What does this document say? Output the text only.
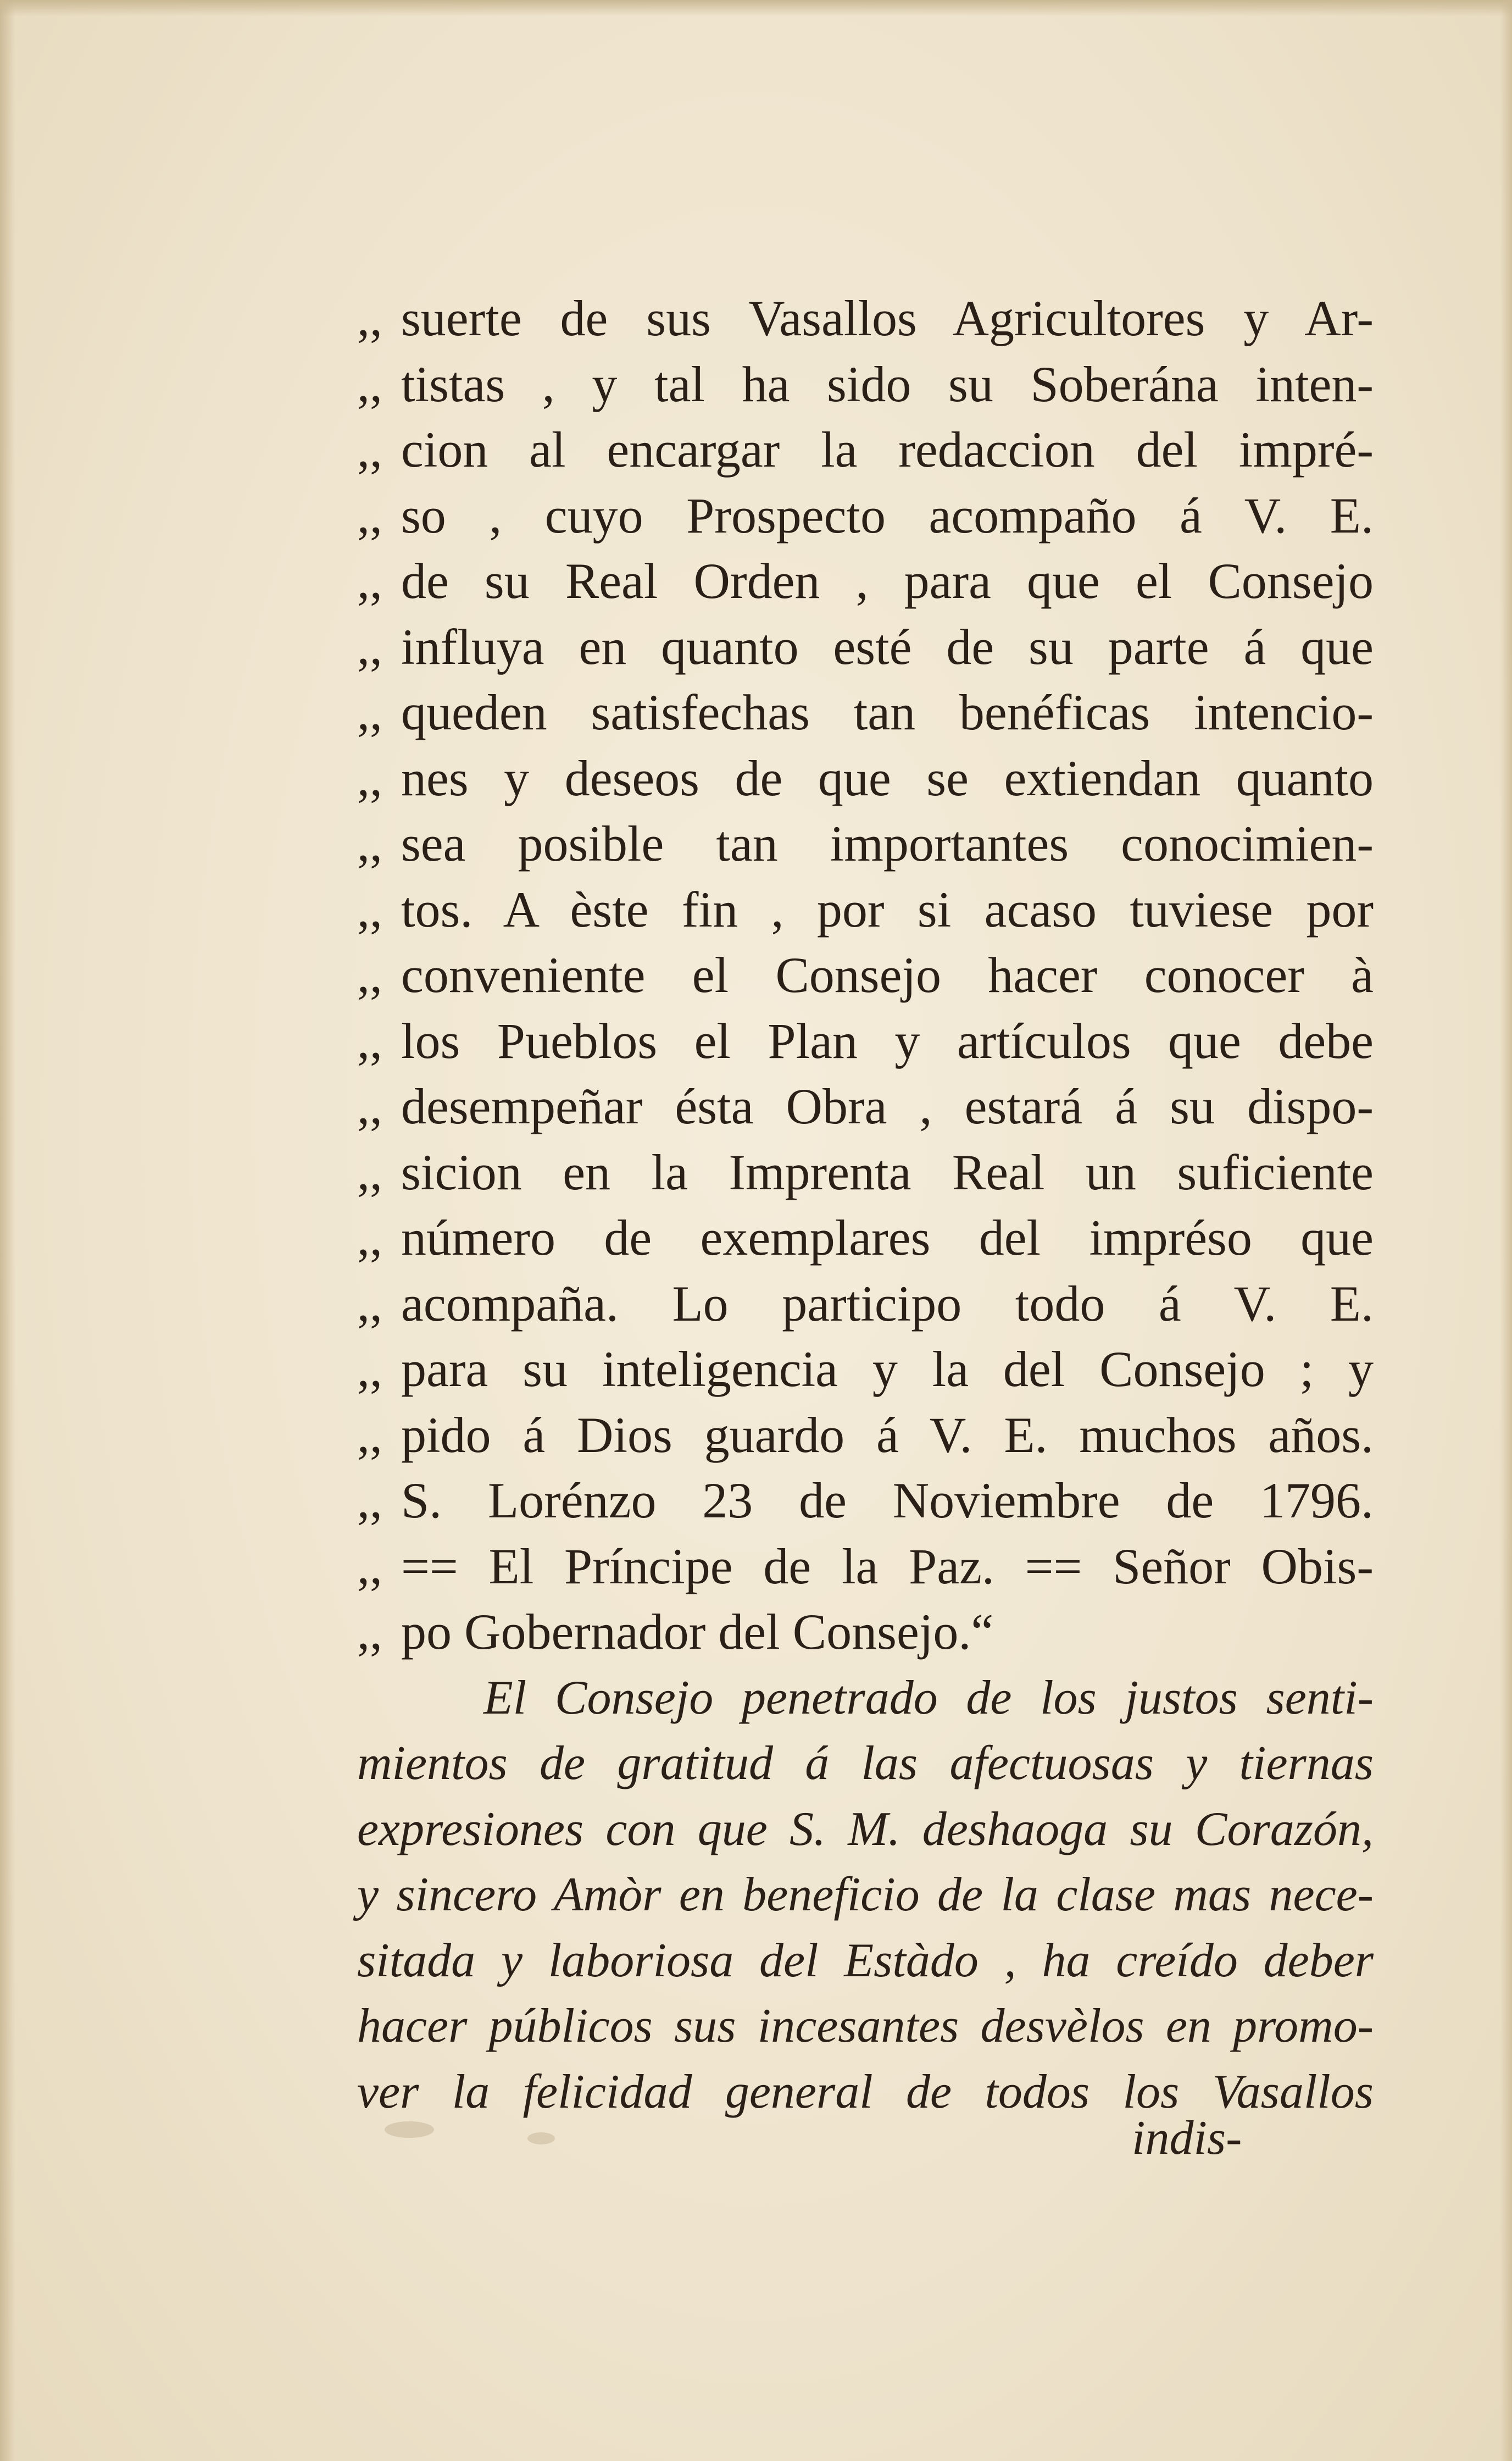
,, suerte de sus Vasallos Agricultores y Ar-
,, tistas , y tal ha sido su Soberána inten-
,, cion al encargar la redaccion del impré-
,, so , cuyo Prospecto acompaño á V. E.
,, de su Real Orden , para que el Consejo
,, influya en quanto esté de su parte á que
,, queden satisfechas tan benéficas intencio-
,, nes y deseos de que se extiendan quanto
,, sea posible tan importantes conocimien-
,, tos. A èste fin , por si acaso tuviese por
,, conveniente el Consejo hacer conocer à
,, los Pueblos el Plan y artículos que debe
,, desempeñar ésta Obra , estará á su dispo-
,, sicion en la Imprenta Real un suficiente
,, número de exemplares del impréso que
,, acompaña. Lo participo todo á V. E.
,, para su inteligencia y la del Consejo ; y
,, pido á Dios guardo á V. E. muchos años.
,, S. Lorénzo 23 de Noviembre de 1796.
,, == El Príncipe de la Paz. == Señor Obis-
,, po Gobernador del Consejo.“
El Consejo penetrado de los justos senti-
mientos de gratitud á las afectuosas y tiernas
expresiones con que S. M. deshaoga su Corazón,
y sincero Amòr en beneficio de la clase mas nece-
sitada y laboriosa del Estàdo , ha creído deber
hacer públicos sus incesantes desvèlos en promo-
ver la felicidad general de todos los Vasallos
indis-
